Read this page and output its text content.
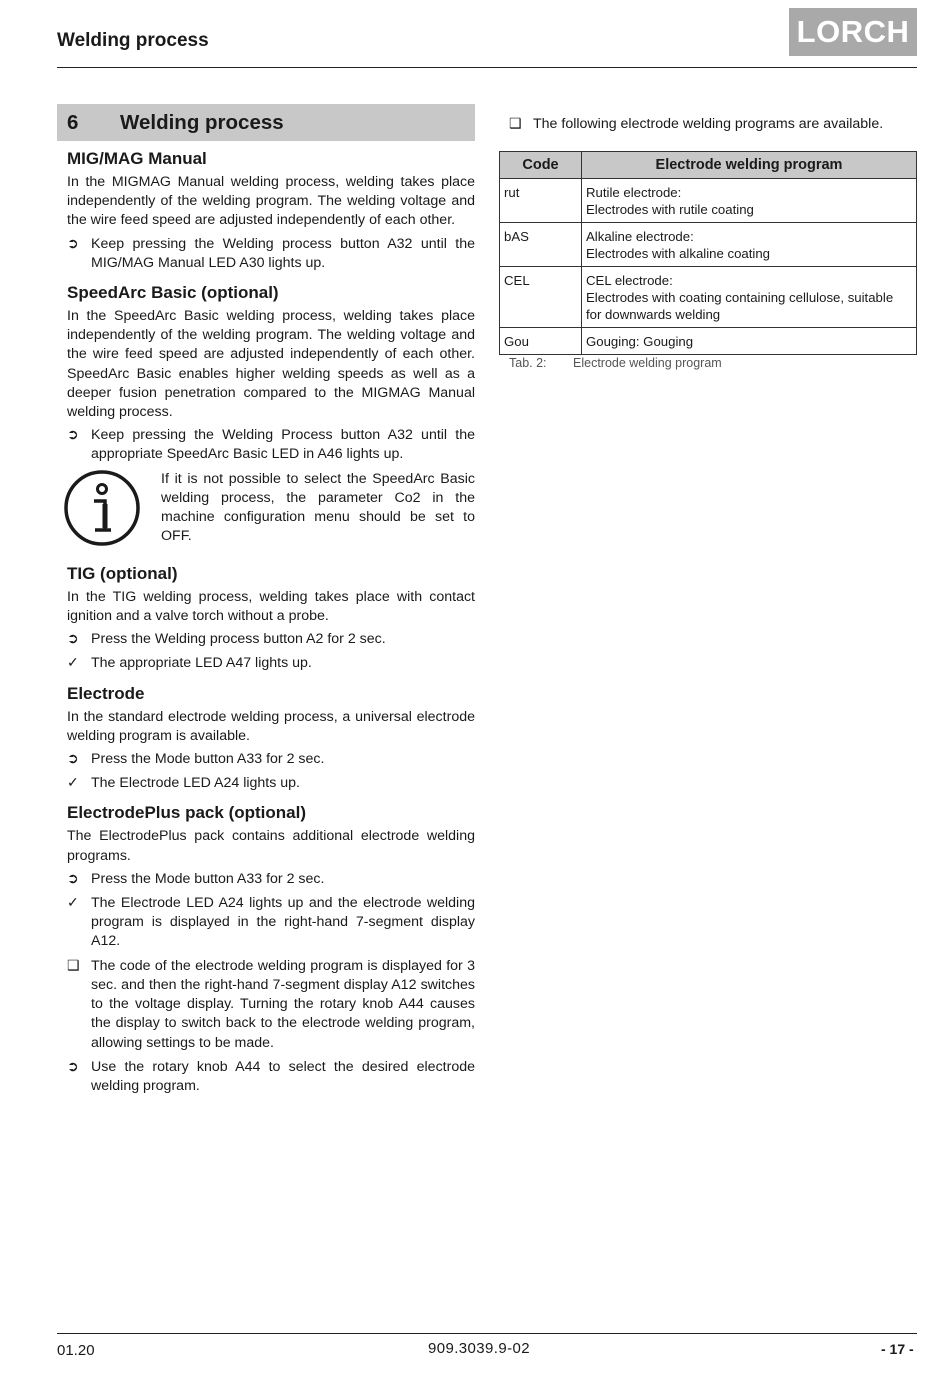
Welding process	LORCH
6	Welding process
MIG/MAG Manual

In the MIGMAG Manual welding process, welding takes place independently of the welding program. The welding voltage and the wire feed speed are adjusted independently of each other.

➲ Keep pressing the Welding process button A32 until the MIG/MAG Manual LED A30 lights up.
SpeedArc Basic (optional)

In the SpeedArc Basic welding process, welding takes place independently of the welding program. The welding voltage and the wire feed speed are adjusted independently of each other. SpeedArc Basic enables higher welding speeds as well as a deeper fusion penetration compared to the MIGMAG Manual welding process.

➲ Keep pressing the Welding Process button A32 until the appropriate SpeedArc Basic LED in A46 lights up.
If it is not possible to select the SpeedArc Basic welding process, the parameter Co2 in the machine configuration menu should be set to OFF.
TIG (optional)

In the TIG welding process, welding takes place with contact ignition and a valve torch without a probe.

➲ Press the Welding process button A2 for 2 sec.
✓ The appropriate LED A47 lights up.
Electrode

In the standard electrode welding process, a universal electrode welding program is available.

➲ Press the Mode button A33 for 2 sec.
✓ The Electrode LED A24 lights up.
ElectrodePlus pack (optional)

The ElectrodePlus pack contains additional electrode welding programs.

➲ Press the Mode button A33 for 2 sec.
✓ The Electrode LED A24 lights up and the electrode welding program is displayed in the right-hand 7-segment display A12.
❑ The code of the electrode welding program is displayed for 3 sec. and then the right-hand 7-segment display A12 switches to the voltage display. Turning the rotary knob A44 causes the display to switch back to the electrode welding program, allowing settings to be made.
➲ Use the rotary knob A44 to select the desired electrode welding program.
❑ The following electrode welding programs are available.
Code	Electrode welding program
rut	Rutile electrode:
Electrodes with rutile coating

bAS	Alkaline electrode:
Electrodes with alkaline coating

CEL	CEL electrode:
Electrodes with coating containing cellulose, suitable for downwards welding

Gou	Gouging: Gouging
Tab. 2: Electrode welding program
01.20	909.3039.9-02	- 17 -
